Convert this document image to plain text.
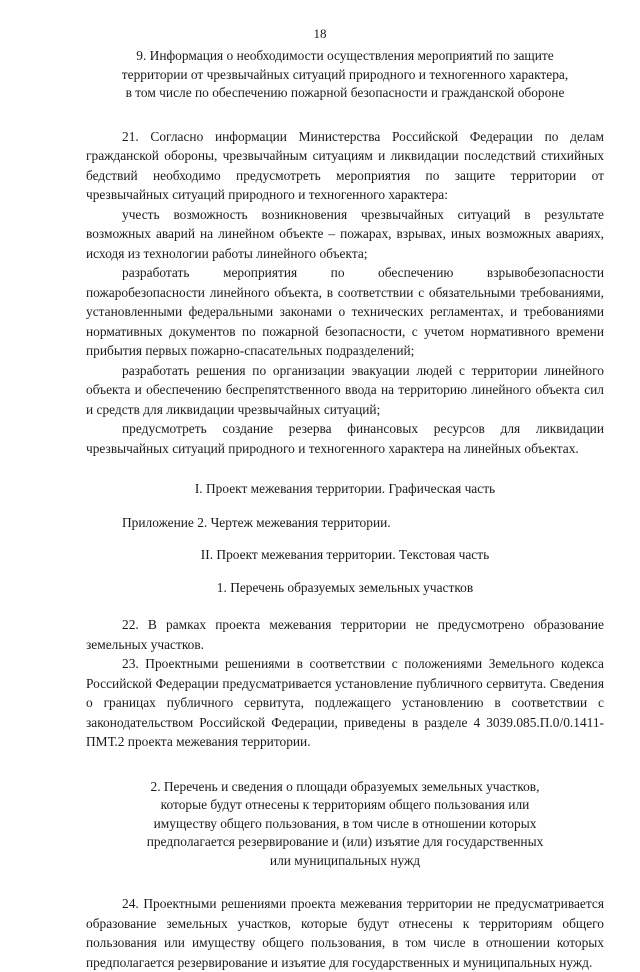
18
9. Информация о необходимости осуществления мероприятий по защите
территории от чрезвычайных ситуаций природного и техногенного характера,
в том числе по обеспечению пожарной безопасности и гражданской обороне

21. Согласно информации Министерства Российской Федерации по делам гражданской обороны, чрезвычайным ситуациям и ликвидации последствий стихийных бедствий необходимо предусмотреть мероприятия по защите территории от чрезвычайных ситуаций природного и техногенного характера:

учесть возможность возникновения чрезвычайных ситуаций в результате возможных аварий на линейном объекте – пожарах, взрывах, иных возможных авариях, исходя из технологии работы линейного объекта;

разработать мероприятия по обеспечению взрывобезопасности пожаробезопасности линейного объекта, в соответствии с обязательными требованиями, установленными федеральными законами о технических регламентах, и требованиями нормативных документов по пожарной безопасности, с учетом нормативного времени прибытия первых пожарно-спасательных подразделений;

разработать решения по организации эвакуации людей с территории линейного объекта и обеспечению беспрепятственного ввода на территорию линейного объекта сил и средств для ликвидации чрезвычайных ситуаций;

предусмотреть создание резерва финансовых ресурсов для ликвидации чрезвычайных ситуаций природного и техногенного характера на линейных объектах.

I. Проект межевания территории. Графическая часть

Приложение 2. Чертеж межевания территории.

II. Проект межевания территории. Текстовая часть
1. Перечень образуемых земельных участков

22. В рамках проекта межевания территории не предусмотрено образование земельных участков.

23. Проектными решениями в соответствии с положениями Земельного кодекса Российской Федерации предусматривается установление публичного сервитута. Сведения о границах публичного сервитута, подлежащего установлению в соответствии с законодательством Российской Федерации, приведены в разделе 4 3039.085.П.0/0.1411-ПМТ.2 проекта межевания территории.

2. Перечень и сведения о площади образуемых земельных участков,
которые будут отнесены к территориям общего пользования или
имуществу общего пользования, в том числе в отношении которых
предполагается резервирование и (или) изъятие для государственных
или муниципальных нужд

24. Проектными решениями проекта межевания территории не предусматривается образование земельных участков, которые будут отнесены к территориям общего пользования или имуществу общего пользования, в том числе в отношении которых предполагается резервирование и изъятие для государственных и муниципальных нужд.
